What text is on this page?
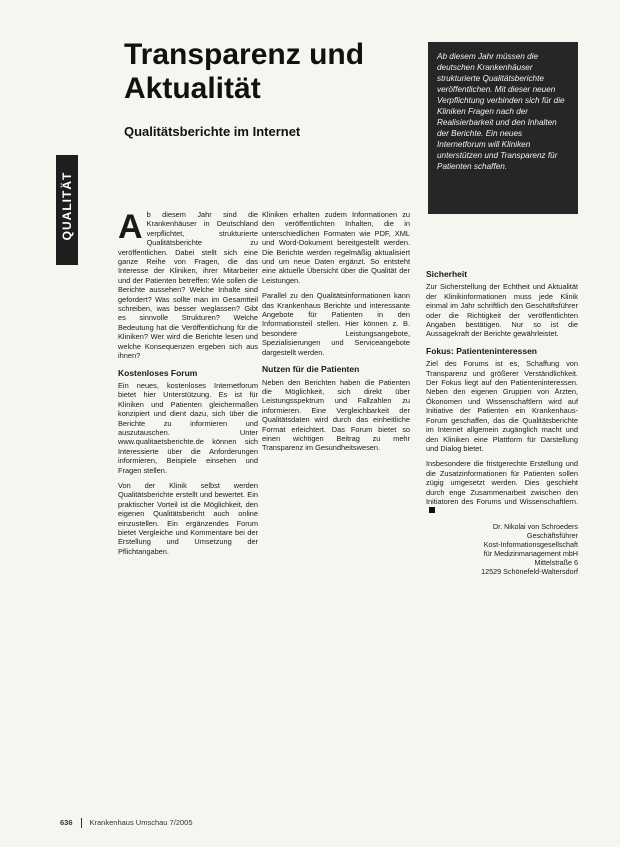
QUALITÄT
Transparenz und Aktualität
Qualitätsberichte im Internet

Ab diesem Jahr müssen die deutschen Krankenhäuser strukturierte Qualitätsberichte veröffentlichen. Mit dieser neuen Verpflichtung verbinden sich für die Kliniken Fragen nach der Realisierbarkeit und den Inhalten der Berichte. Ein neues Internetforum will Kliniken unterstützen und Transparenz für Patienten schaffen.

Ab diesem Jahr sind die Krankenhäuser in Deutschland verpflichtet, strukturierte Qualitätsberichte zu veröffentlichen. Dabei stellt sich eine ganze Reihe von Fragen, die das Interesse der Kliniken, ihrer Mitarbeiter und der Patienten betreffen: Wie sollen die Berichte aussehen? Welche Inhalte sind gefordert? Was sollte man im Gesamtteil schreiben, was besser weglassen? Gibt es sinnvolle Strukturen? Welche Bedeutung hat die Veröffentlichung für die Kliniken? Wer wird die Berichte lesen und welche Konsequenzen ergeben sich aus ihnen?

Kostenloses Forum

Ein neues, kostenloses Internetforum bietet hier Unterstützung. Es ist für Kliniken und Patienten gleichermaßen konzipiert und dient dazu, sich über die Berichte zu informieren und auszutauschen. Unter www.qualitaetsberichte.de können sich Interessierte über die Anforderungen informieren, Beispiele einsehen und Fragen stellen.

Von der Klinik selbst werden Qualitätsberichte erstellt und bewertet. Ein praktischer Vorteil ist die Möglichkeit, den eigenen Qualitätsbericht auch online einzustellen. Ein ergänzendes Forum bietet Vergleiche und Kommentare bei der Erstellung und Umsetzung der Pflichtangaben.

Kliniken erhalten zudem Informationen zu den veröffentlichten Inhalten, die in unterschiedlichen Formaten wie PDF, XML und Word-Dokument bereitgestellt werden. Die Berichte werden regelmäßig aktualisiert und um neue Daten ergänzt. So entsteht eine aktuelle Übersicht über die Qualität der Leistungen.

Parallel zu den Qualitätsinformationen kann das Krankenhaus Berichte und interessante Angebote für Patienten in den Informationsteil stellen. Hier können z. B. besondere Leistungsangebote, Spezialisierungen und Serviceangebote dargestellt werden.

Nutzen für die Patienten

Neben den Berichten haben die Patienten die Möglichkeit, sich direkt über Leistungsspektrum und Fallzahlen zu informieren. Eine Vergleichbarkeit der Qualitätsdaten wird durch das einheitliche Format erleichtert. Das Forum bietet so einen wichtigen Beitrag zu mehr Transparenz im Gesundheitswesen.

Sicherheit

Zur Sicherstellung der Echtheit und Aktualität der Klinikinformationen muss jede Klinik einmal im Jahr schriftlich den Geschäftsführer oder die Richtigkeit der veröffentlichten Angaben bestätigen. Nur so ist die Aussagekraft der Berichte gewährleistet.

Fokus: Patienteninteressen

Ziel des Forums ist es, Schaffung von Transparenz und größerer Verständlichkeit. Der Fokus liegt auf den Patienteninteressen. Neben den eigenen Gruppen von Ärzten, Ökonomen und Wissenschaftlern wird auf Initiative der Patienten ein Krankenhaus-Forum geschaffen, das die Qualitätsberichte im Internet allgemein zugänglich macht und den Kliniken eine Plattform für Darstellung und Dialog bietet.

Insbesondere die fristgerechte Erstellung und die Zusatzinformationen für Patienten sollen zügig umgesetzt werden. Dies geschieht durch enge Zusammenarbeit zwischen den Initiatoren des Forums und Wissenschaftlern.

Dr. Nikolai von Schroeders
Geschäftsführer
Kost-Informationsgesellschaft
für Medizinmanagement mbH
Mittelstraße 6
12529 Schönefeld-Waltersdorf
636 Krankenhaus Umschau 7/2005
